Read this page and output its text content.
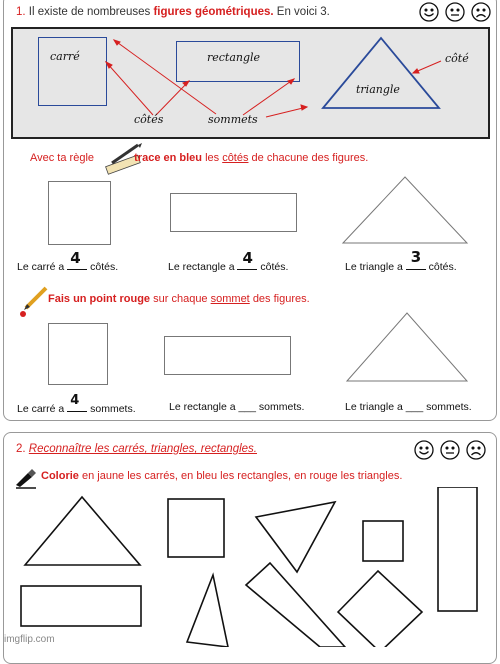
1. Il existe de nombreuses figures géométriques. En voici 3.
carré	rectangle
triangle
côté
côtés	sommets
Avec ta règle	trace en bleu les côtés de chacune des figures.
Le carré a 4 côtés.	Le rectangle a 4 côtés.	Le triangle a
3
côtés.
Fais un point rouge sur chaque sommet des figures.
Le carré a
4
sommets.	Le rectangle a ___ sommets.	Le triangle a ___ sommets.
2. Reconnaître les carrés, triangles, rectangles.
Colorie en jaune les carrés, en bleu les rectangles, en rouge les triangles.
imgflip.com
